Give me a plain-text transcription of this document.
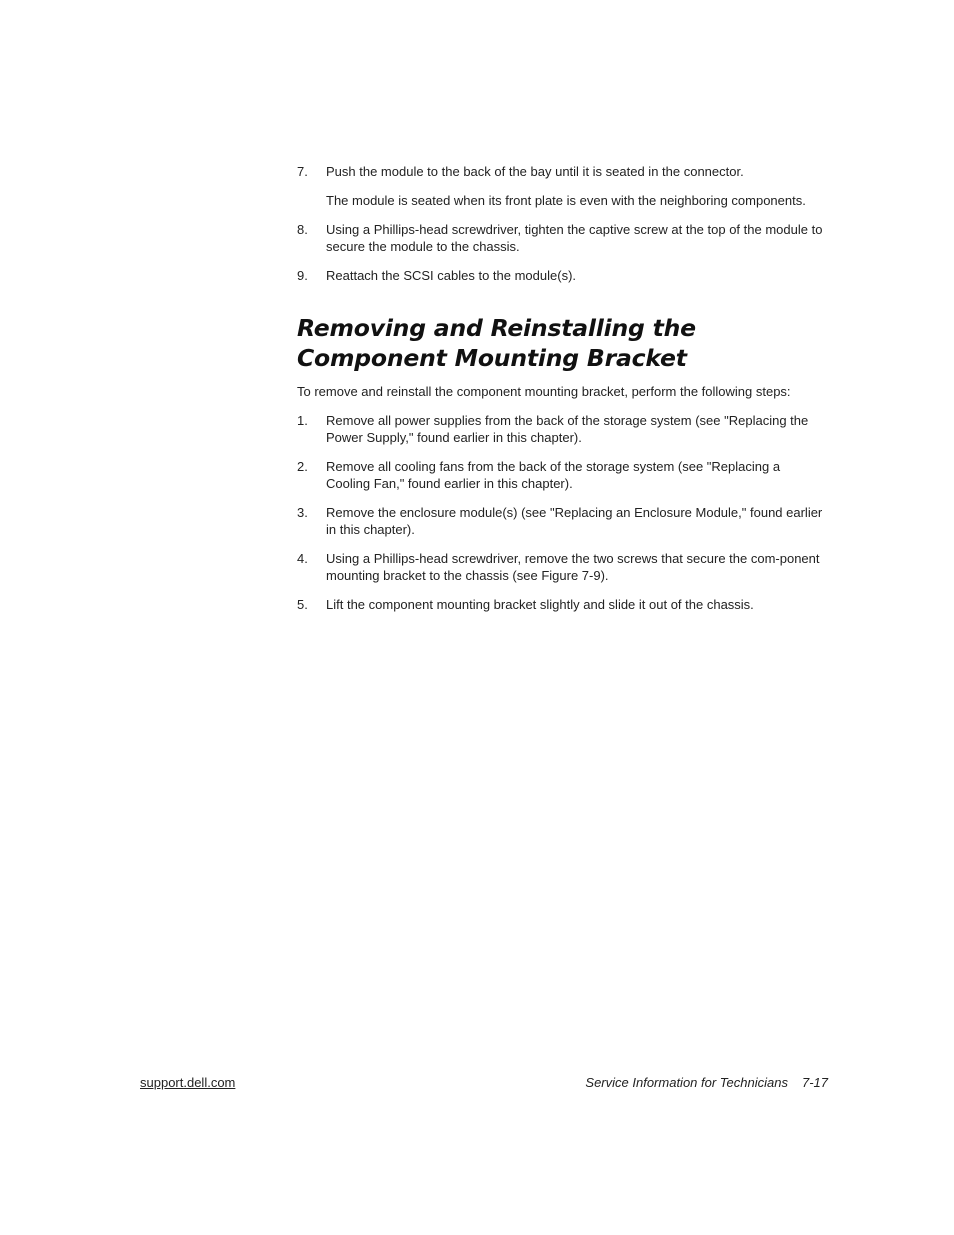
7. Push the module to the back of the bay until it is seated in the connector.

The module is seated when its front plate is even with the neighboring components.

8. Using a Phillips-head screwdriver, tighten the captive screw at the top of the module to secure the module to the chassis.

9. Reattach the SCSI cables to the module(s).

Removing and Reinstalling the Component Mounting Bracket

To remove and reinstall the component mounting bracket, perform the following steps:

1. Remove all power supplies from the back of the storage system (see "Replacing the Power Supply," found earlier in this chapter).

2. Remove all cooling fans from the back of the storage system (see "Replacing a Cooling Fan," found earlier in this chapter).

3. Remove the enclosure module(s) (see "Replacing an Enclosure Module," found earlier in this chapter).

4. Using a Phillips-head screwdriver, remove the two screws that secure the com-ponent mounting bracket to the chassis (see Figure 7-9).

5. Lift the component mounting bracket slightly and slide it out of the chassis.

support.dell.com	Service Information for Technicians 7-17
